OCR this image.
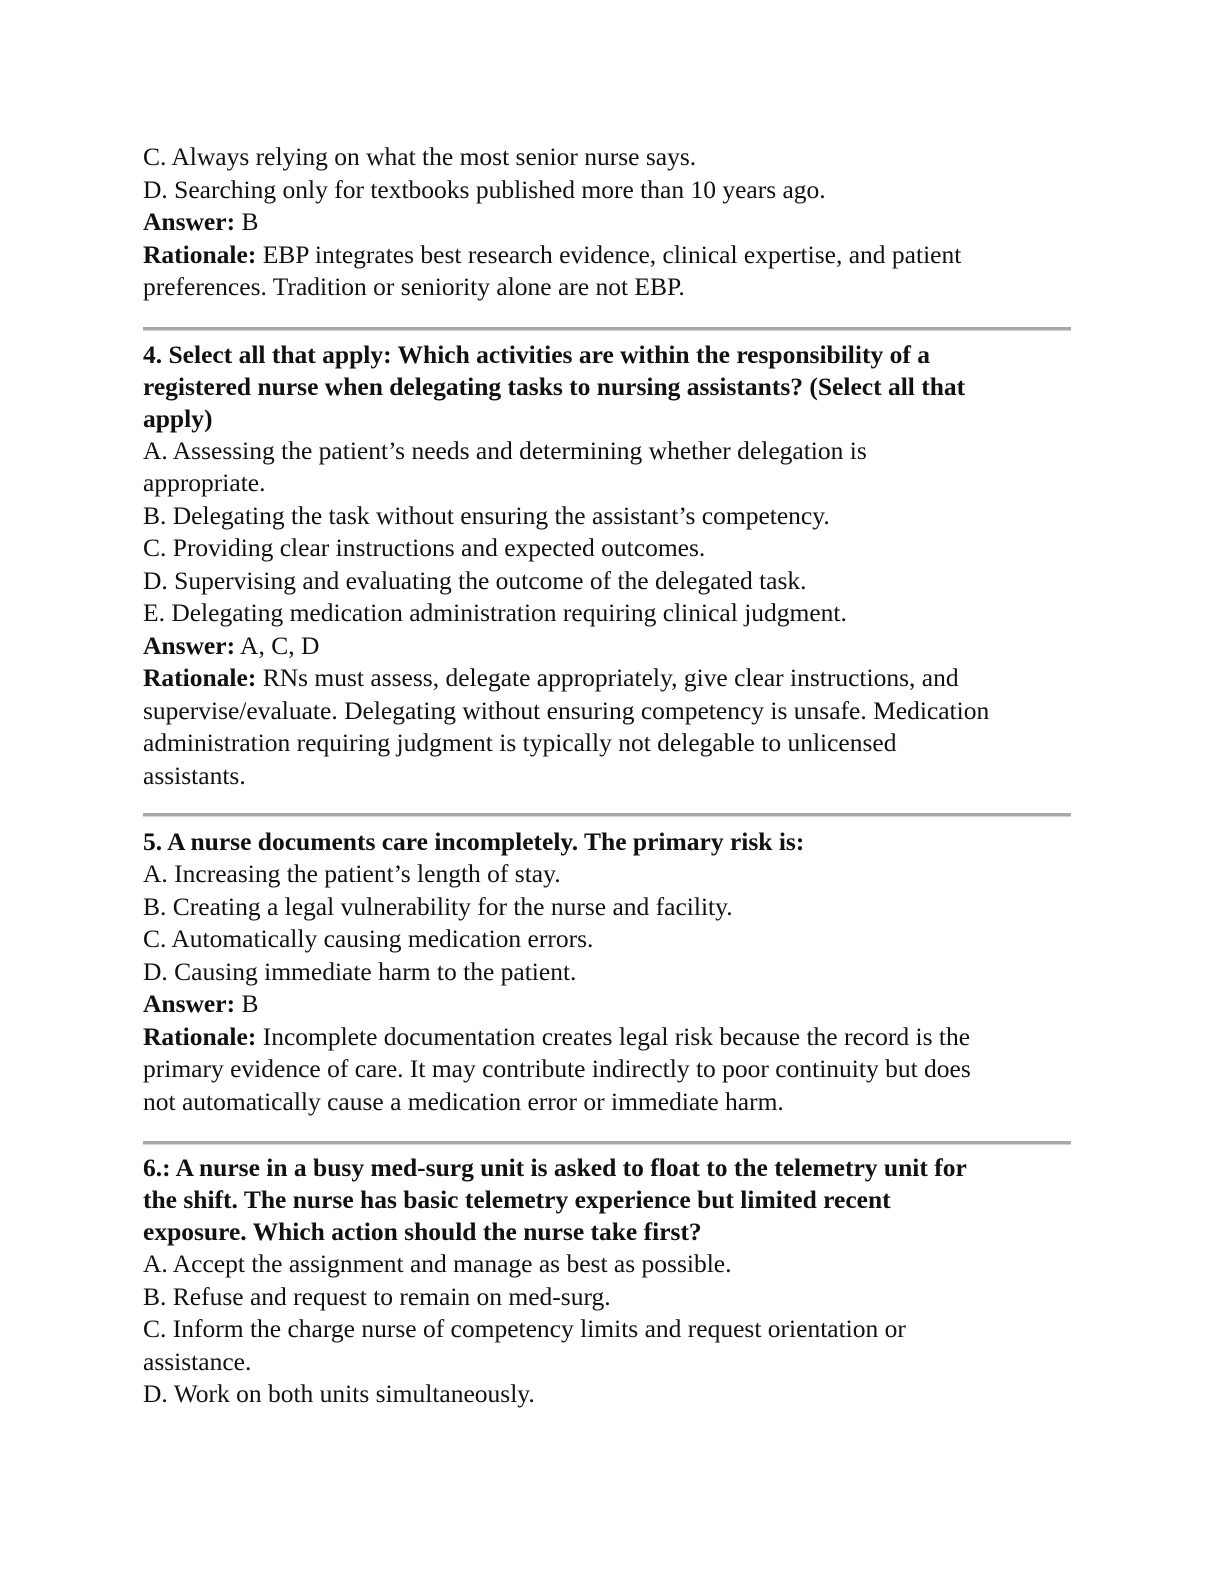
C. Always relying on what the most senior nurse says.
D. Searching only for textbooks published more than 10 years ago.
Answer: B
Rationale: EBP integrates best research evidence, clinical expertise, and patient
preferences. Tradition or seniority alone are not EBP.
4. Select all that apply: Which activities are within the responsibility of a
registered nurse when delegating tasks to nursing assistants? (Select all that
apply)
A. Assessing the patient’s needs and determining whether delegation is
appropriate.
B. Delegating the task without ensuring the assistant’s competency.
C. Providing clear instructions and expected outcomes.
D. Supervising and evaluating the outcome of the delegated task.
E. Delegating medication administration requiring clinical judgment.
Answer: A, C, D
Rationale: RNs must assess, delegate appropriately, give clear instructions, and
supervise/evaluate. Delegating without ensuring competency is unsafe. Medication
administration requiring judgment is typically not delegable to unlicensed
assistants.
5. A nurse documents care incompletely. The primary risk is:
A. Increasing the patient’s length of stay.
B. Creating a legal vulnerability for the nurse and facility.
C. Automatically causing medication errors.
D. Causing immediate harm to the patient.
Answer: B
Rationale: Incomplete documentation creates legal risk because the record is the
primary evidence of care. It may contribute indirectly to poor continuity but does
not automatically cause a medication error or immediate harm.
6.: A nurse in a busy med-surg unit is asked to float to the telemetry unit for
the shift. The nurse has basic telemetry experience but limited recent
exposure. Which action should the nurse take first?
A. Accept the assignment and manage as best as possible.
B. Refuse and request to remain on med-surg.
C. Inform the charge nurse of competency limits and request orientation or
assistance.
D. Work on both units simultaneously.
